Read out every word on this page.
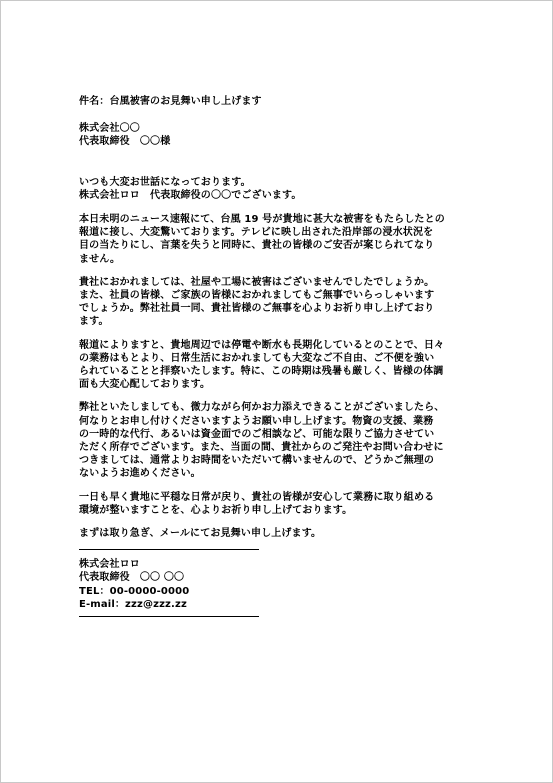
件名：台風被害のお見舞い申し上げます

株式会社〇〇

代表取締役　〇〇様

いつも大変お世話になっております。

株式会社ロロ　代表取締役の〇〇でございます。

本日未明のニュース速報にて、台風 19 号が貴地に甚大な被害をもたらしたとの

報道に接し、大変驚いております。テレビに映し出された沿岸部の浸水状況を

目の当たりにし、言葉を失うと同時に、貴社の皆様のご安否が案じられてなり

ません。

貴社におかれましては、社屋や工場に被害はございませんでしたでしょうか。

また、社員の皆様、ご家族の皆様におかれましてもご無事でいらっしゃいます

でしょうか。弊社社員一同、貴社皆様のご無事を心よりお祈り申し上げており

ます。

報道によりますと、貴地周辺では停電や断水も長期化しているとのことで、日々

の業務はもとより、日常生活におかれましても大変なご不自由、ご不便を強い

られていることと拝察いたします。特に、この時期は残暑も厳しく、皆様の体調

面も大変心配しております。

弊社といたしましても、微力ながら何かお力添えできることがございましたら、

何なりとお申し付けくださいますようお願い申し上げます。物資の支援、業務

の一時的な代行、あるいは資金面でのご相談など、可能な限りご協力させてい

ただく所存でございます。また、当面の間、貴社からのご発注やお問い合わせに

つきましては、通常よりお時間をいただいて構いませんので、どうかご無理の

ないようお進めください。

一日も早く貴地に平穏な日常が戻り、貴社の皆様が安心して業務に取り組める

環境が整いますことを、心よりお祈り申し上げております。

まずは取り急ぎ、メールにてお見舞い申し上げます。

株式会社ロロ

代表取締役　〇〇 〇〇

TEL：00-0000-0000

E-mail：zzz@zzz.zz
